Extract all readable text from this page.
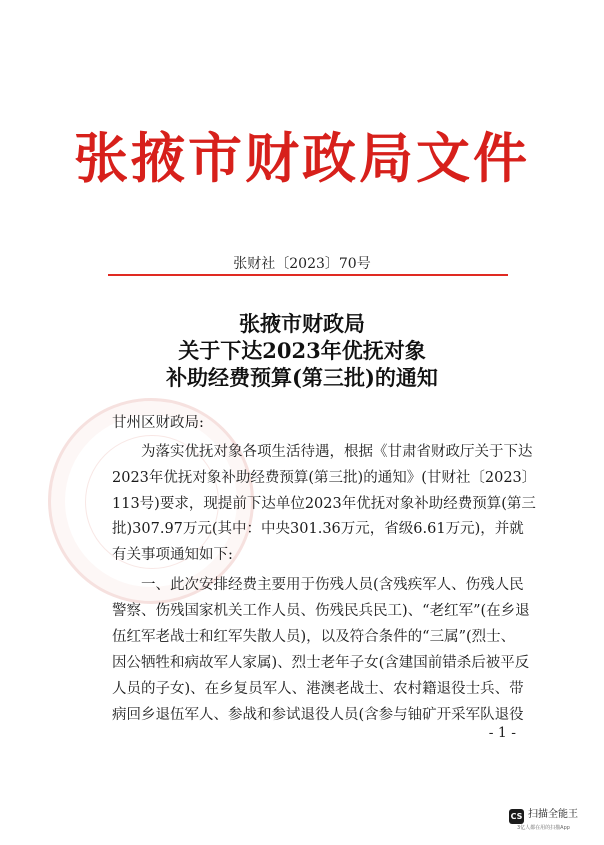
张掖市财政局文件
张财社〔2023〕70号
张掖市财政局
关于下达2023年优抚对象
补助经费预算(第三批)的通知
甘州区财政局:
　　为落实优抚对象各项生活待遇，根据《甘肃省财政厅关于下达
2023年优抚对象补助经费预算(第三批)的通知》(甘财社〔2023〕
113号)要求，现提前下达单位2023年优抚对象补助经费预算(第三
批)307.97万元(其中：中央301.36万元，省级6.61万元)，并就
有关事项通知如下:
　　一、此次安排经费主要用于伤残人员(含残疾军人、伤残人民
警察、伤残国家机关工作人员、伤残民兵民工)、“老红军”(在乡退
伍红军老战士和红军失散人员)，以及符合条件的“三属”(烈士、
因公牺牲和病故军人家属)、烈士老年子女(含建国前错杀后被平反
人员的子女)、在乡复员军人、港澳老战士、农村籍退役士兵、带
病回乡退伍军人、参战和参试退役人员(含参与铀矿开采军队退役
- 1 -
CS 扫描全能王
3亿人都在用的扫描App
